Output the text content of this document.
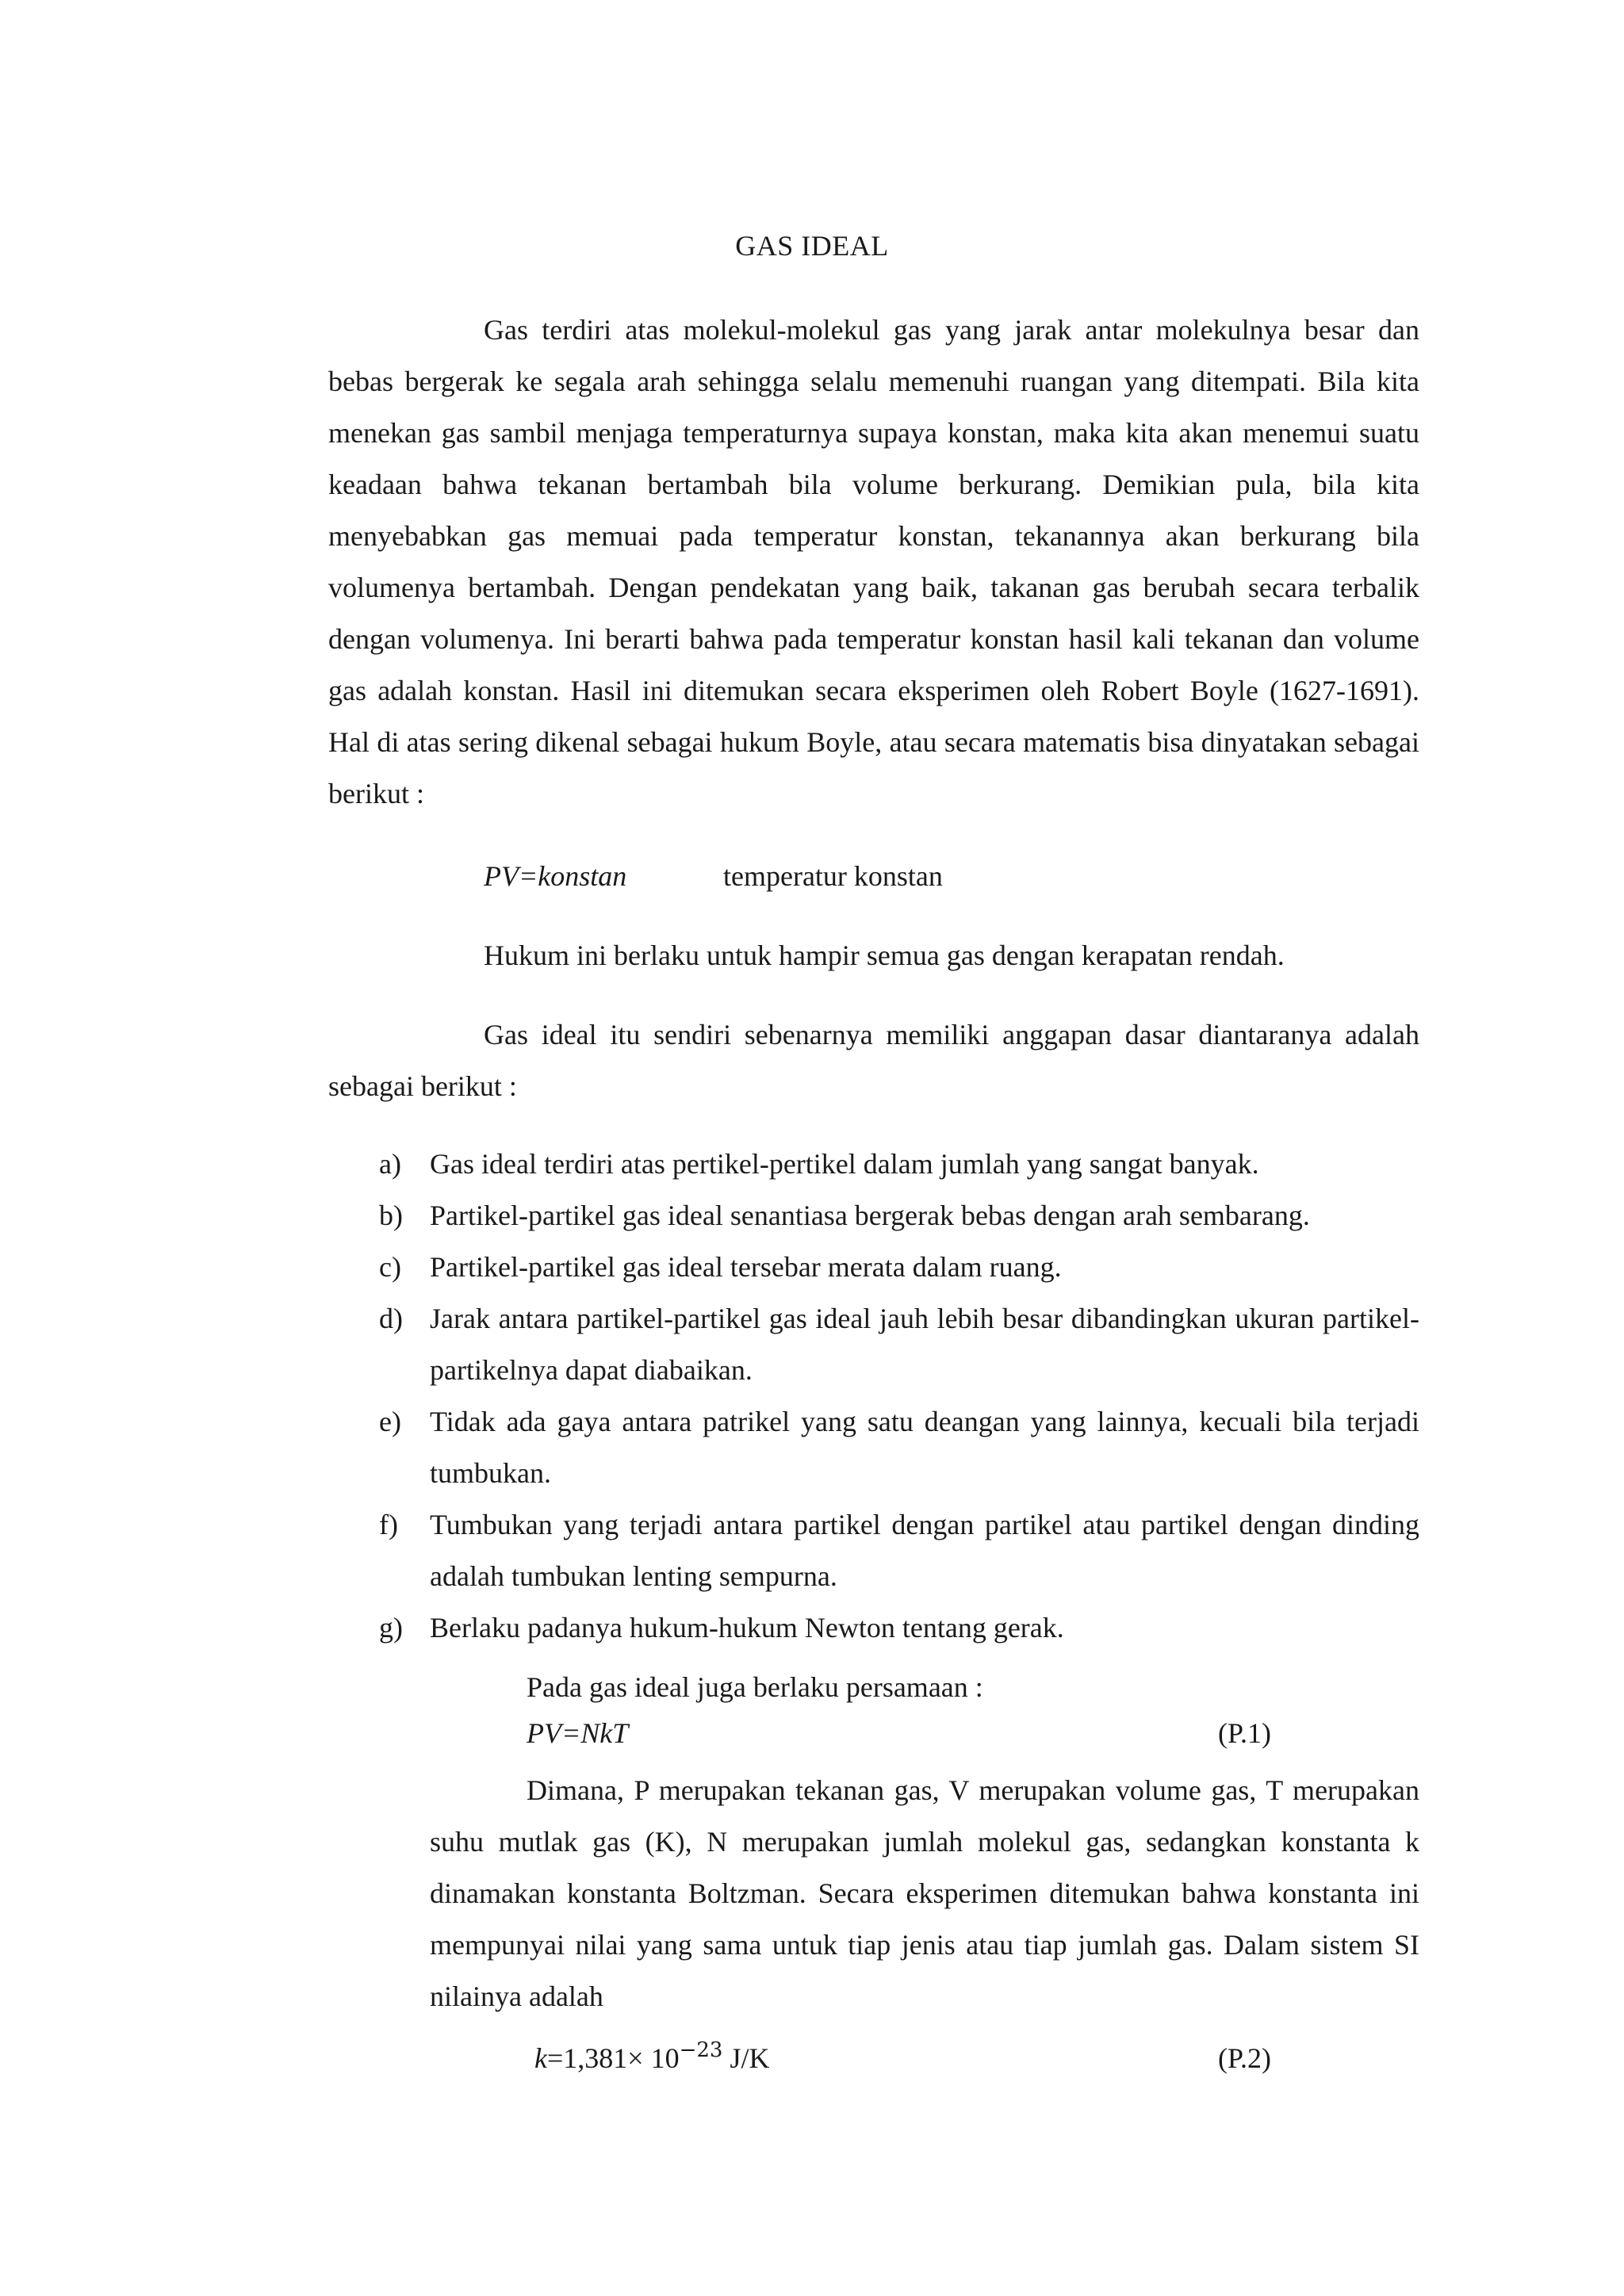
GAS IDEAL

Gas terdiri atas molekul-molekul gas yang jarak antar molekulnya besar dan bebas bergerak ke segala arah sehingga selalu memenuhi ruangan yang ditempati. Bila kita menekan gas sambil menjaga temperaturnya supaya konstan, maka kita akan menemui suatu keadaan bahwa tekanan bertambah bila volume berkurang. Demikian pula, bila kita menyebabkan gas memuai pada temperatur konstan, tekanannya akan berkurang bila volumenya bertambah. Dengan pendekatan yang baik, takanan gas berubah secara terbalik dengan volumenya. Ini berarti bahwa pada temperatur konstan hasil kali tekanan dan volume gas adalah konstan. Hasil ini ditemukan secara eksperimen oleh Robert Boyle (1627-1691). Hal di atas sering dikenal sebagai hukum Boyle, atau secara matematis bisa dinyatakan sebagai berikut :

PV=konstan	temperatur konstan

Hukum ini berlaku untuk hampir semua gas dengan kerapatan rendah.

Gas ideal itu sendiri sebenarnya memiliki anggapan dasar diantaranya adalah sebagai berikut :

a) Gas ideal terdiri atas pertikel-pertikel dalam jumlah yang sangat banyak.
b) Partikel-partikel gas ideal senantiasa bergerak bebas dengan arah sembarang.
c) Partikel-partikel gas ideal tersebar merata dalam ruang.
d) Jarak antara partikel-partikel gas ideal jauh lebih besar dibandingkan ukuran partikel-partikelnya dapat diabaikan.
e) Tidak ada gaya antara patrikel yang satu deangan yang lainnya, kecuali bila terjadi tumbukan.
f) Tumbukan yang terjadi antara partikel dengan partikel atau partikel dengan dinding adalah tumbukan lenting sempurna.
g) Berlaku padanya hukum-hukum Newton tentang gerak.

Pada gas ideal juga berlaku persamaan :

PV=NkT	(P.1)

Dimana, P merupakan tekanan gas, V merupakan volume gas, T merupakan suhu mutlak gas (K), N merupakan jumlah molekul gas, sedangkan konstanta k dinamakan konstanta Boltzman. Secara eksperimen ditemukan bahwa konstanta ini mempunyai nilai yang sama untuk tiap jenis atau tiap jumlah gas. Dalam sistem SI nilainya adalah

$k=1,381\times 10^{-23}$ J/K	(P.2)
